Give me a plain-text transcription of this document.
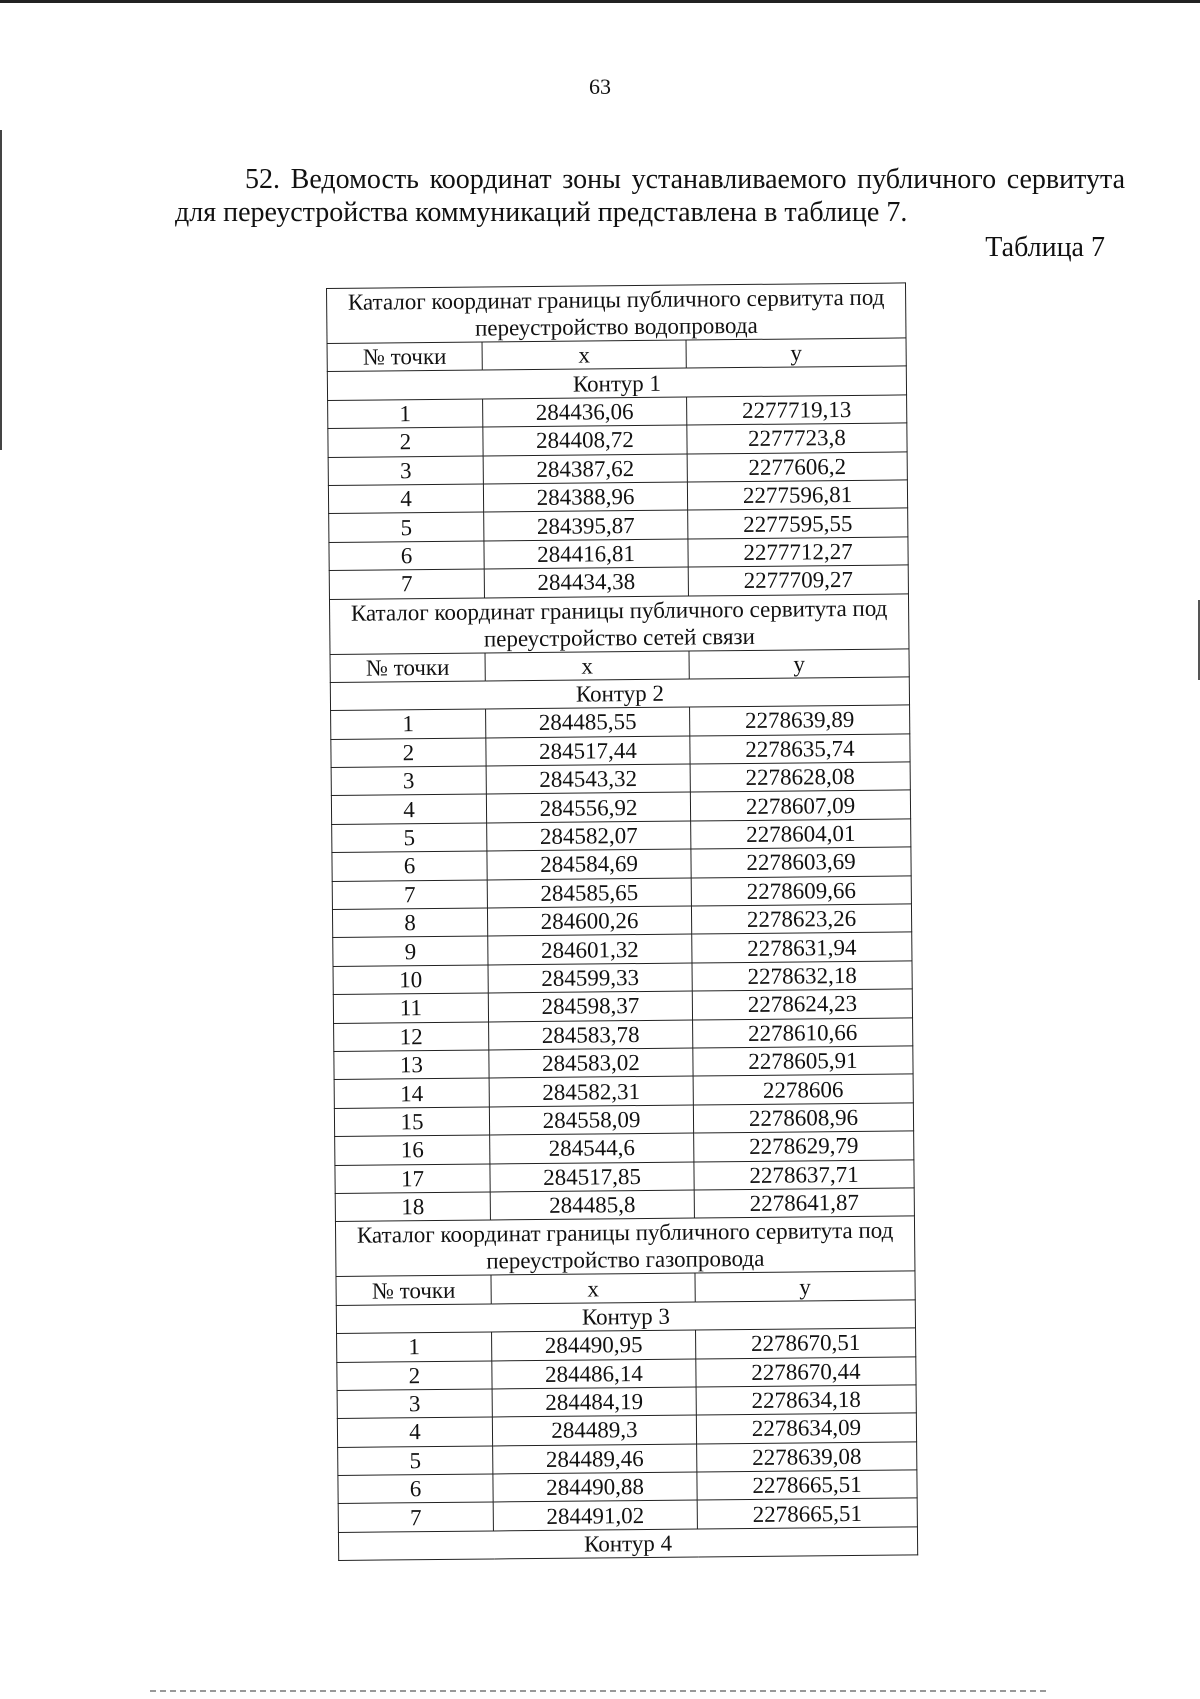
63
52. Ведомость координат зоны устанавливаемого публичного сервитута для переустройства коммуникаций представлена в таблице 7.
Таблица 7
Каталог координат границы публичного сервитута под переустройство водопровода		
№ точки	x	y
Контур 1		
1	284436,06	2277719,13
2	284408,72	2277723,8
3	284387,62	2277606,2
4	284388,96	2277596,81
5	284395,87	2277595,55
6	284416,81	2277712,27
7	284434,38	2277709,27
Каталог координат границы публичного сервитута под переустройство сетей связи		
№ точки	x	y
Контур 2		
1	284485,55	2278639,89
2	284517,44	2278635,74
3	284543,32	2278628,08
4	284556,92	2278607,09
5	284582,07	2278604,01
6	284584,69	2278603,69
7	284585,65	2278609,66
8	284600,26	2278623,26
9	284601,32	2278631,94
10	284599,33	2278632,18
11	284598,37	2278624,23
12	284583,78	2278610,66
13	284583,02	2278605,91
14	284582,31	2278606
15	284558,09	2278608,96
16	284544,6	2278629,79
17	284517,85	2278637,71
18	284485,8	2278641,87
Каталог координат границы публичного сервитута под переустройство газопровода		
№ точки	x	y
Контур 3		
1	284490,95	2278670,51
2	284486,14	2278670,44
3	284484,19	2278634,18
4	284489,3	2278634,09
5	284489,46	2278639,08
6	284490,88	2278665,51
7	284491,02	2278665,51
Контур 4		
